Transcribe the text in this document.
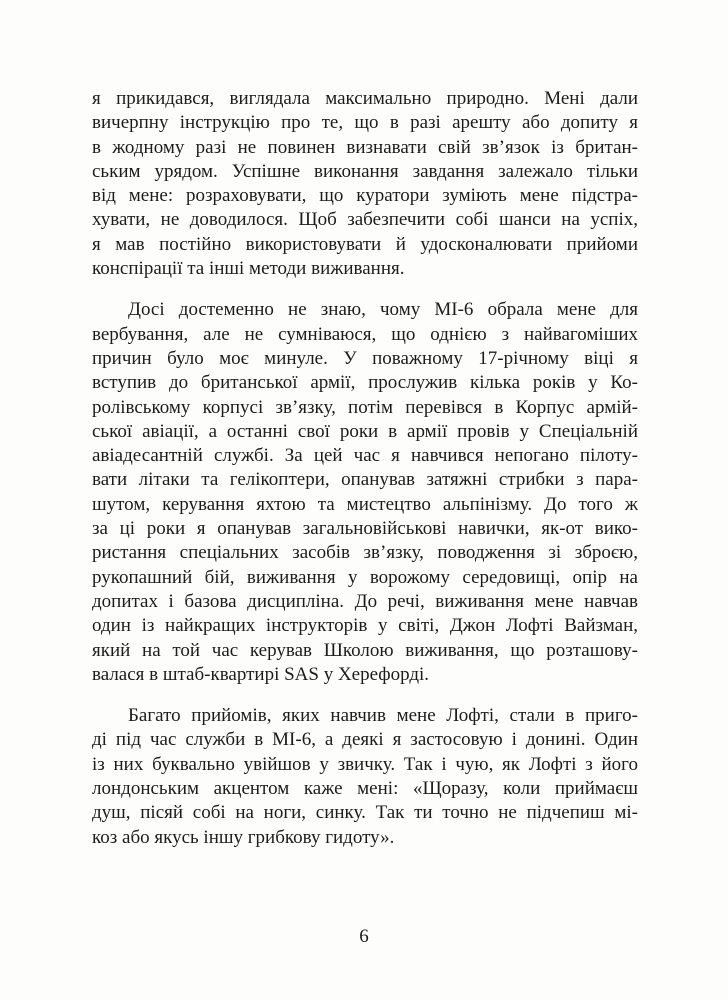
я прикидався, виглядала максимально природно. Мені дали
вичерпну інструкцію про те, що в разі арешту або допиту я
в жодному разі не повинен визнавати свій зв’язок із британ-
ським урядом. Успішне виконання завдання залежало тільки
від мене: розраховувати, що куратори зуміють мене підстра-
хувати, не доводилося. Щоб забезпечити собі шанси на успіх,
я мав постійно використовувати й удосконалювати прийоми
конспірації та інші методи виживання.
Досі достеменно не знаю, чому МІ-6 обрала мене для
вербування, але не сумніваюся, що однією з найвагоміших
причин було моє минуле. У поважному 17-річному віці я
вступив до британської армії, прослужив кілька років у Ко-
ролівському корпусі зв’язку, потім перевівся в Корпус армій-
ської авіації, а останні свої роки в армії провів у Спеціальній
авіадесантній службі. За цей час я навчився непогано пілоту-
вати літаки та гелікоптери, опанував затяжні стрибки з пара-
шутом, керування яхтою та мистецтво альпінізму. До того ж
за ці роки я опанував загальновійськові навички, як-от вико-
ристання спеціальних засобів зв’язку, поводження зі зброєю,
рукопашний бій, виживання у ворожому середовищі, опір на
допитах і базова дисципліна. До речі, виживання мене навчав
один із найкращих інструкторів у світі, Джон Лофті Вайзман,
який на той час керував Школою виживання, що розташову-
валася в штаб-квартирі SAS у Херефорді.
Багато прийомів, яких навчив мене Лофті, стали в приго-
ді під час служби в МІ-6, а деякі я застосовую і донині. Один
із них буквально увійшов у звичку. Так і чую, як Лофті з його
лондонським акцентом каже мені: «Щоразу, коли приймаєш
душ, пісяй собі на ноги, синку. Так ти точно не підчепиш мі-
коз або якусь іншу грибкову гидоту».
6
